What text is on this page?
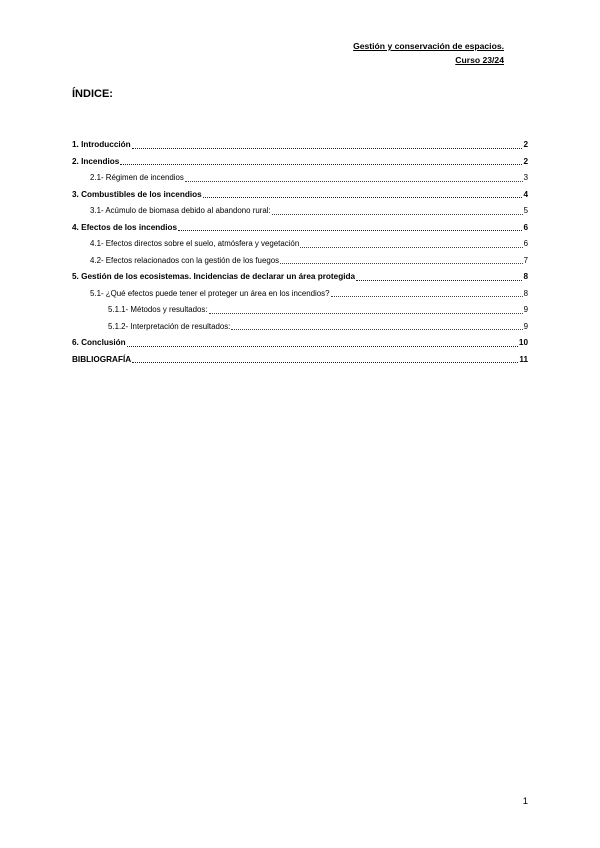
Gestión y conservación de espacios.
Curso 23/24
ÍNDICE:
1. Introducción	2
2. Incendios	2
2.1- Régimen de incendios	3
3. Combustibles de los incendios	4
3.1- Acúmulo de biomasa debido al abandono rural:	5
4. Efectos de los incendios	6
4.1- Efectos directos sobre el suelo, atmósfera y vegetación	6
4.2- Efectos relacionados con la gestión de los fuegos	7
5. Gestión de los ecosistemas. Incidencias de declarar un área protegida	8
5.1- ¿Qué efectos puede tener el proteger un área en los incendios?	8
5.1.1- Métodos y resultados:	9
5.1.2- Interpretación de resultados:	9
6. Conclusión	10
BIBLIOGRAFÍA	11
1
